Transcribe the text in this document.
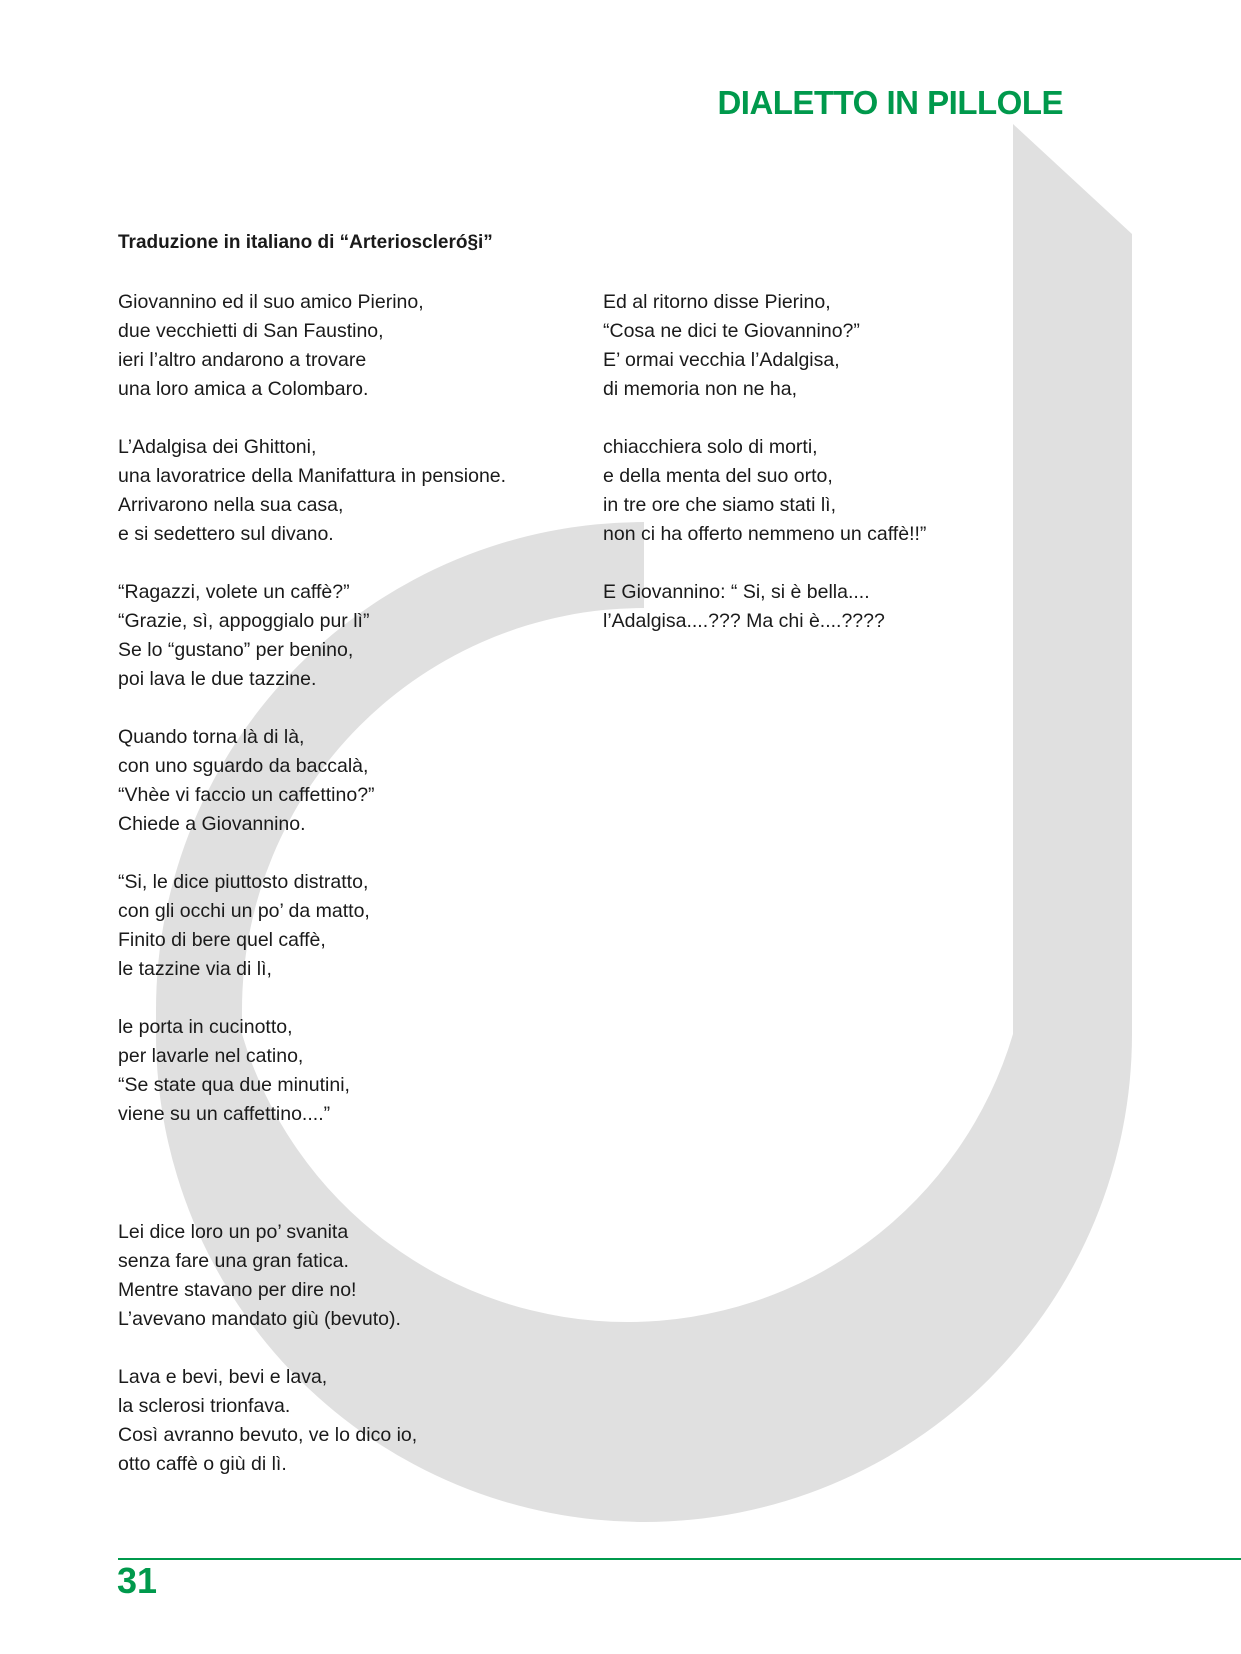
DIALETTO IN PILLOLE
Traduzione in italiano di “Arterioscleró§i”

Giovannino ed il suo amico Pierino,
due vecchietti di San Faustino,
ieri l’altro andarono a trovare
una loro amica a Colombaro.

L’Adalgisa dei Ghittoni,
una lavoratrice della Manifattura in pensione.
Arrivarono nella sua casa,
e si sedettero sul divano.

“Ragazzi, volete un caffè?”
“Grazie, sì, appoggialo pur lì”
Se lo “gustano” per benino,
poi lava le due tazzine.

Quando torna là di là,
con uno sguardo da baccalà,
“Vhèe vi faccio un caffettino?”
Chiede a Giovannino.

“Si, le dice piuttosto distratto,
con gli occhi un po’ da matto,
Finito di bere quel caffè,
le tazzine via di lì,

le porta in cucinotto,
per lavarle nel catino,
“Se state qua due minutini,
viene su un caffettino....”

Lei dice loro un po’ svanita
senza fare una gran fatica.
Mentre stavano per dire no!
L’avevano mandato giù (bevuto).

Lava e bevi, bevi e lava,
la sclerosi trionfava.
Così avranno bevuto, ve lo dico io,
otto caffè o giù di lì.

Ed al ritorno disse Pierino,
“Cosa ne dici te Giovannino?”
E’ ormai vecchia l’Adalgisa,
di memoria non ne ha,

chiacchiera solo di morti,
e della menta del suo orto,
in tre ore che siamo stati lì,
non ci ha offerto nemmeno un caffè!!”

E Giovannino: “ Si, si è bella....
l’Adalgisa....??? Ma chi è....????

31
